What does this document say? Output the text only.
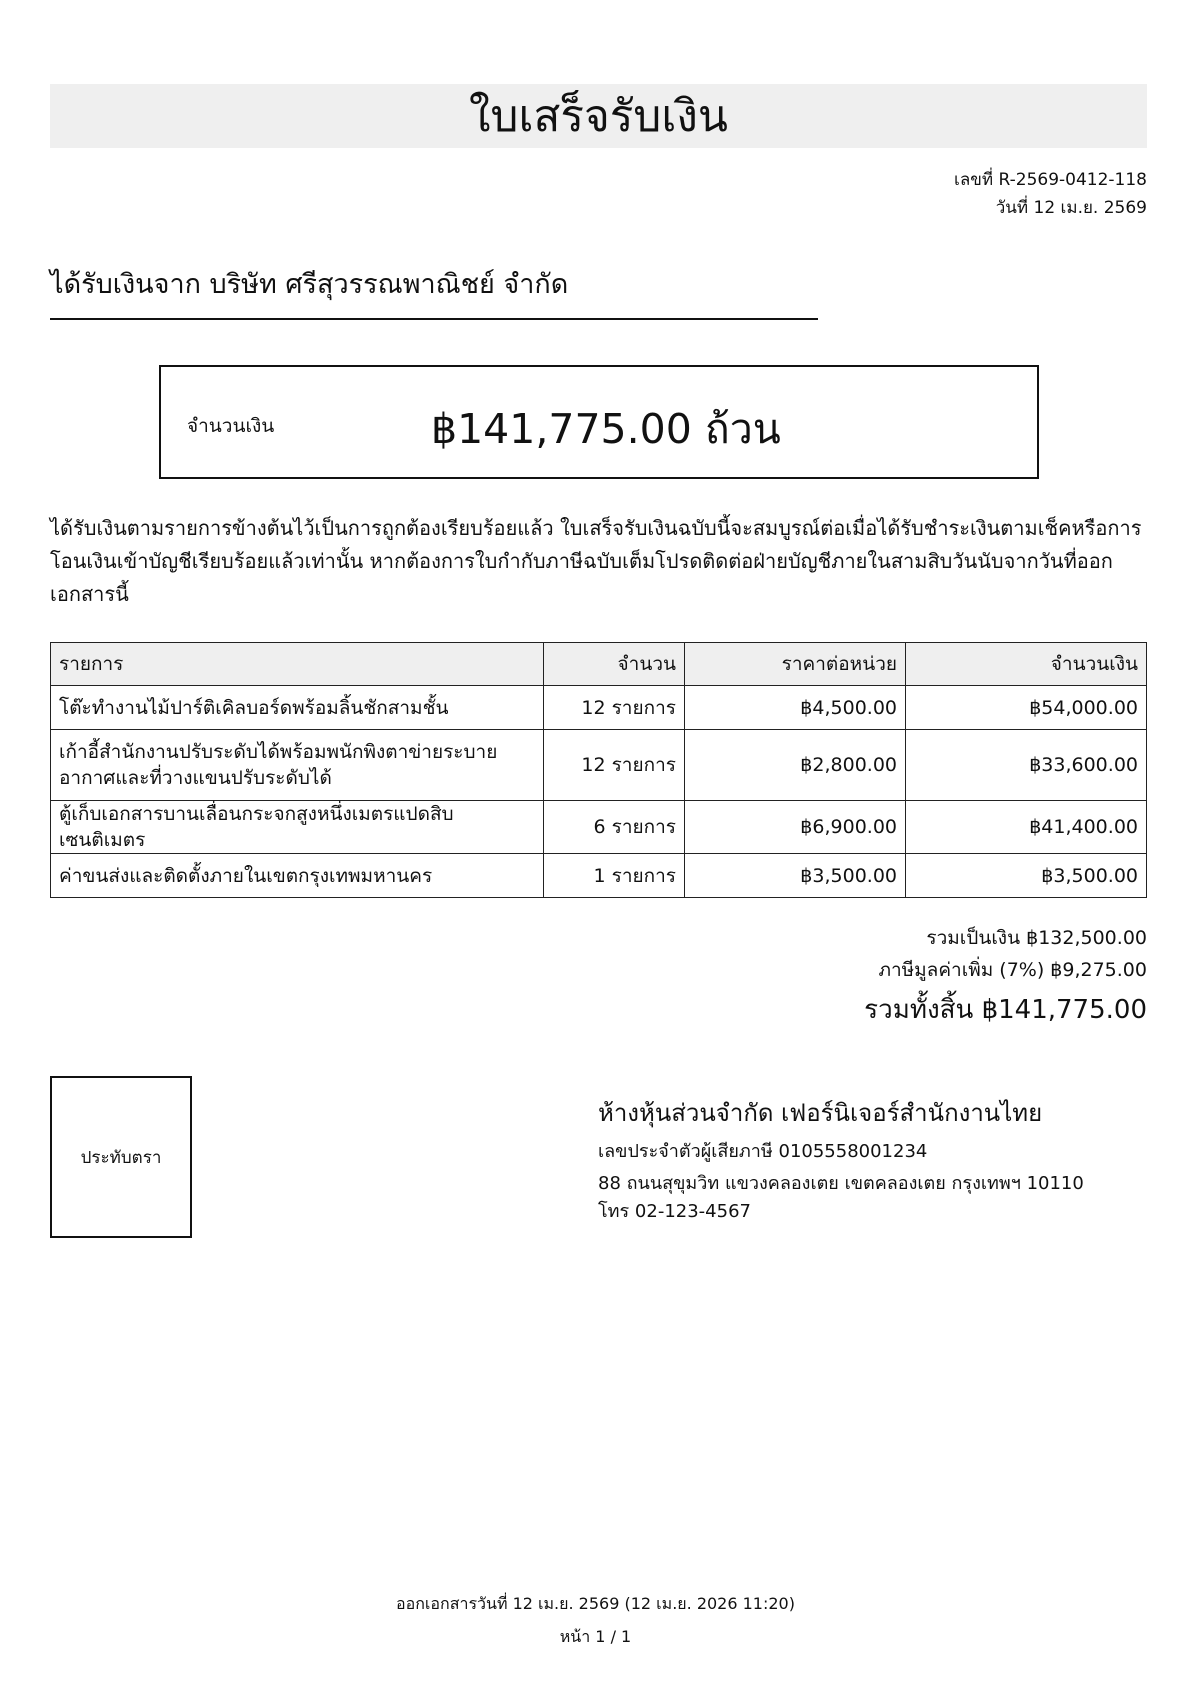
ใบเสร็จรับเงิน
เลขที่ R-2569-0412-118
วันที่ 12 เม.ย. 2569
ได้รับเงินจาก บริษัท ศรีสุวรรณพาณิชย์ จำกัด
จำนวนเงิน	฿141,775.00 ถ้วน
ได้รับเงินตามรายการข้างต้นไว้เป็นการถูกต้องเรียบร้อยแล้ว ใบเสร็จรับเงินฉบับนี้จะสมบูรณ์ต่อเมื่อได้รับชำระเงินตามเช็คหรือการโอนเงินเข้าบัญชีเรียบร้อยแล้วเท่านั้น หากต้องการใบกำกับภาษีฉบับเต็มโปรดติดต่อฝ่ายบัญชีภายในสามสิบวันนับจากวันที่ออกเอกสารนี้
รายการ	จำนวน	ราคาต่อหน่วย	จำนวนเงิน
โต๊ะทำงานไม้ปาร์ติเคิลบอร์ดพร้อมลิ้นชักสามชั้น	12 รายการ	฿4,500.00	฿54,000.00
เก้าอี้สำนักงานปรับระดับได้พร้อมพนักพิงตาข่ายระบายอากาศและที่วางแขนปรับระดับได้	12 รายการ	฿2,800.00	฿33,600.00
ตู้เก็บเอกสารบานเลื่อนกระจกสูงหนึ่งเมตรแปดสิบเซนติเมตร	6 รายการ	฿6,900.00	฿41,400.00
ค่าขนส่งและติดตั้งภายในเขตกรุงเทพมหานคร	1 รายการ	฿3,500.00	฿3,500.00
รวมเป็นเงิน ฿132,500.00
ภาษีมูลค่าเพิ่ม (7%) ฿9,275.00
รวมทั้งสิ้น ฿141,775.00
ประทับตรา
ห้างหุ้นส่วนจำกัด เฟอร์นิเจอร์สำนักงานไทย
เลขประจำตัวผู้เสียภาษี 0105558001234
88 ถนนสุขุมวิท แขวงคลองเตย เขตคลองเตย กรุงเทพฯ 10110
โทร 02-123-4567
ออกเอกสารวันที่ 12 เม.ย. 2569 (12 เม.ย. 2026 11:20)
หน้า 1 / 1
